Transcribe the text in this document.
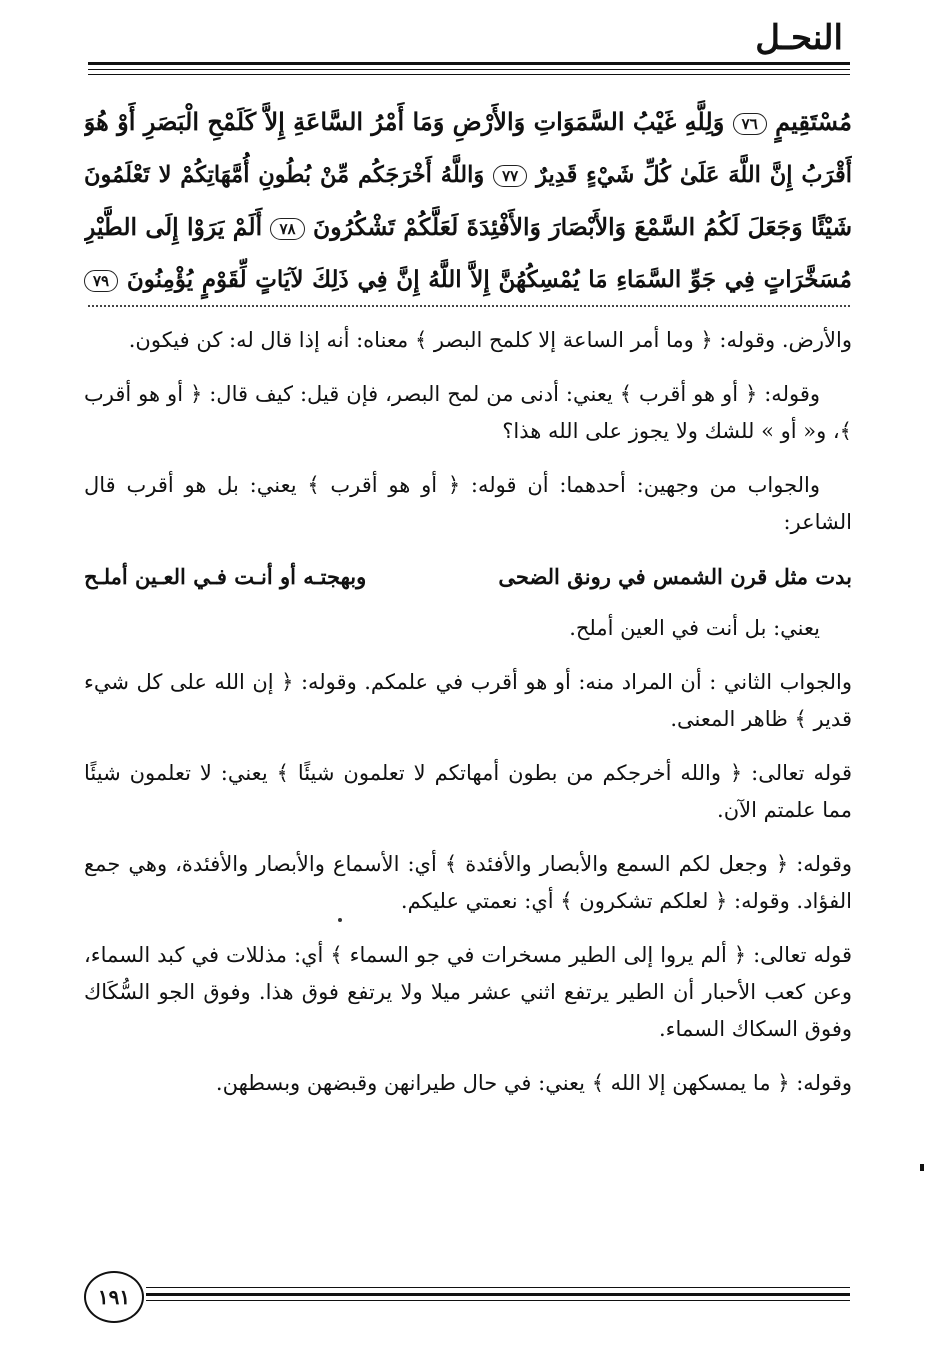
النحـل
مُسْتَقِيمٍ ٧٦ وَلِلَّهِ غَيْبُ السَّمَوَاتِ وَالأَرْضِ وَمَا أَمْرُ السَّاعَةِ إِلاَّ كَلَمْحِ الْبَصَرِ أَوْ هُوَ
أَقْرَبُ إِنَّ اللَّهَ عَلَىٰ كُلِّ شَيْءٍ قَدِيرٌ ٧٧ وَاللَّهُ أَخْرَجَكُم مِّنْ بُطُونِ أُمَّهَاتِكُمْ لا تَعْلَمُونَ
شَيْئًا وَجَعَلَ لَكُمُ السَّمْعَ وَالأَبْصَارَ وَالأَفْئِدَةَ لَعَلَّكُمْ تَشْكُرُونَ ٧٨ أَلَمْ يَرَوْا إِلَى الطَّيْرِ
مُسَخَّرَاتٍ فِي جَوِّ السَّمَاءِ مَا يُمْسِكُهُنَّ إِلاَّ اللَّهُ إِنَّ فِي ذَلِكَ لآيَاتٍ لِّقَوْمٍ يُؤْمِنُونَ ٧٩

والأرض. وقوله: ﴿ وما أمر الساعة إلا كلمح البصر ﴾ معناه: أنه إذا قال له: كن فيكون.

وقوله: ﴿ أو هو أقرب ﴾ يعني: أدنى من لمح البصر، فإن قيل: كيف قال: ﴿ أو هو أقرب ﴾، و« أو » للشك ولا يجوز على الله هذا؟

والجواب من وجهين: أحدهما: أن قوله: ﴿ أو هو أقرب ﴾ يعني: بل هو أقرب قال الشاعر:

بدت مثل قرن الشمس في رونق الضحى
وبهجتـه أو أنـت فـي العـين أملـح

يعني: بل أنت في العين أملح.

والجواب الثاني : أن المراد منه: أو هو أقرب في علمكم. وقوله: ﴿ إن الله على كل شيء قدير ﴾ ظاهر المعنى.

قوله تعالى: ﴿ والله أخرجكم من بطون أمهاتكم لا تعلمون شيئًا ﴾ يعني: لا تعلمون شيئًا مما علمتم الآن.

وقوله: ﴿ وجعل لكم السمع والأبصار والأفئدة ﴾ أي: الأسماع والأبصار والأفئدة، وهي جمع الفؤاد. وقوله: ﴿ لعلكم تشكرون ﴾ أي: نعمتي عليكم.

قوله تعالى: ﴿ ألم يروا إلى الطير مسخرات في جو السماء ﴾ أي: مذللات في كبد السماء، وعن كعب الأحبار أن الطير يرتفع اثني عشر ميلا ولا يرتفع فوق هذا. وفوق الجو السُّكَاك وفوق السكاك السماء.

وقوله: ﴿ ما يمسكهن إلا الله ﴾ يعني: في حال طيرانهن وقبضهن وبسطهن.

١٩١
